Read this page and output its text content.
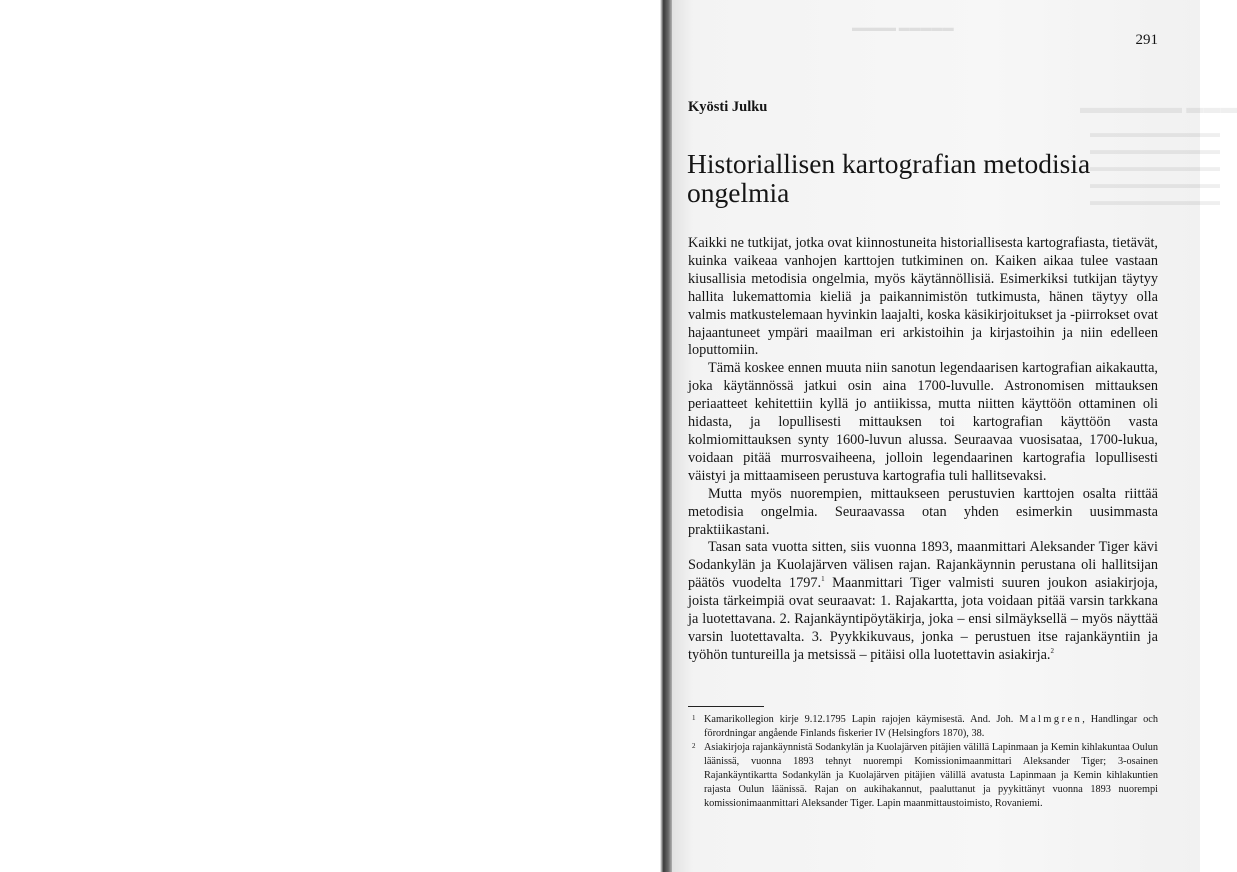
▬▬▬▬ ▬▬▬▬▬
▬▬▬▬▬▬ ▬▬▬
▬▬▬▬▬▬▬▬▬▬
▬▬▬▬▬▬▬▬▬▬
▬▬▬▬▬▬▬▬▬▬
▬▬▬▬▬▬▬▬▬▬
▬▬▬▬▬▬▬▬▬▬
291
Kyösti Julku
Historiallisen kartografian metodisia ongelmia

Kaikki ne tutkijat, jotka ovat kiinnostuneita historiallisesta kartografiasta, tietävät, kuinka vaikeaa vanhojen karttojen tutkiminen on. Kaiken aikaa tulee vastaan kiusallisia metodisia ongelmia, myös käytännöllisiä. Esimerkiksi tutkijan täytyy hallita lukemattomia kieliä ja paikannimistön tutkimusta, hänen täytyy olla valmis matkustelemaan hyvinkin laajalti, koska käsikirjoitukset ja -piirrokset ovat hajaantuneet ympäri maailman eri arkistoihin ja kirjastoihin ja niin edelleen loputtomiin.

Tämä koskee ennen muuta niin sanotun legendaarisen kartografian aikakautta, joka käytännössä jatkui osin aina 1700-luvulle. Astronomisen mittauksen periaatteet kehitettiin kyllä jo antiikissa, mutta niitten käyttöön ottaminen oli hidasta, ja lopullisesti mittauksen toi kartografian käyttöön vasta kolmiomittauksen synty 1600-luvun alussa. Seuraavaa vuosisataa, 1700-lukua, voidaan pitää murrosvaiheena, jolloin legendaarinen kartografia lopullisesti väistyi ja mittaamiseen perustuva kartografia tuli hallitsevaksi.

Mutta myös nuorempien, mittaukseen perustuvien karttojen osalta riittää metodisia ongelmia. Seuraavassa otan yhden esimerkin uusimmasta praktiikastani.

Tasan sata vuotta sitten, siis vuonna 1893, maanmittari Aleksander Tiger kävi Sodankylän ja Kuolajärven välisen rajan. Rajankäynnin perustana oli hallitsijan päätös vuodelta 1797.$^1$ Maanmittari Tiger valmisti suuren joukon asiakirjoja, joista tärkeimpiä ovat seuraavat: 1. Rajakartta, jota voidaan pitää varsin tarkkana ja luotettavana. 2. Rajankäyntipöytäkirja, joka – ensi silmäyksellä – myös näyttää varsin luotettavalta. 3. Pyykkikuvaus, jonka – perustuen itse rajankäyntiin ja työhön tuntureilla ja metsissä – pitäisi olla luotettavin asiakirja.$^2$

1 Kamarikollegion kirje 9.12.1795 Lapin rajojen käymisestä. And. Joh. Malmgren, Handlingar och förordningar angående Finlands fiskerier IV (Helsingfors 1870), 38.
2 Asiakirjoja rajankäynnistä Sodankylän ja Kuolajärven pitäjien välillä Lapinmaan ja Kemin kihlakuntaa Oulun läänissä, vuonna 1893 tehnyt nuorempi Komissionimaanmittari Aleksander Tiger; 3-osainen Rajankäyntikartta Sodankylän ja Kuolajärven pitäjien välillä avatusta Lapinmaan ja Kemin kihlakuntien rajasta Oulun läänissä. Rajan on aukihakannut, paaluttanut ja pyykittänyt vuonna 1893 nuorempi komissionimaanmittari Aleksander Tiger. Lapin maanmittaustoimisto, Rovaniemi.
